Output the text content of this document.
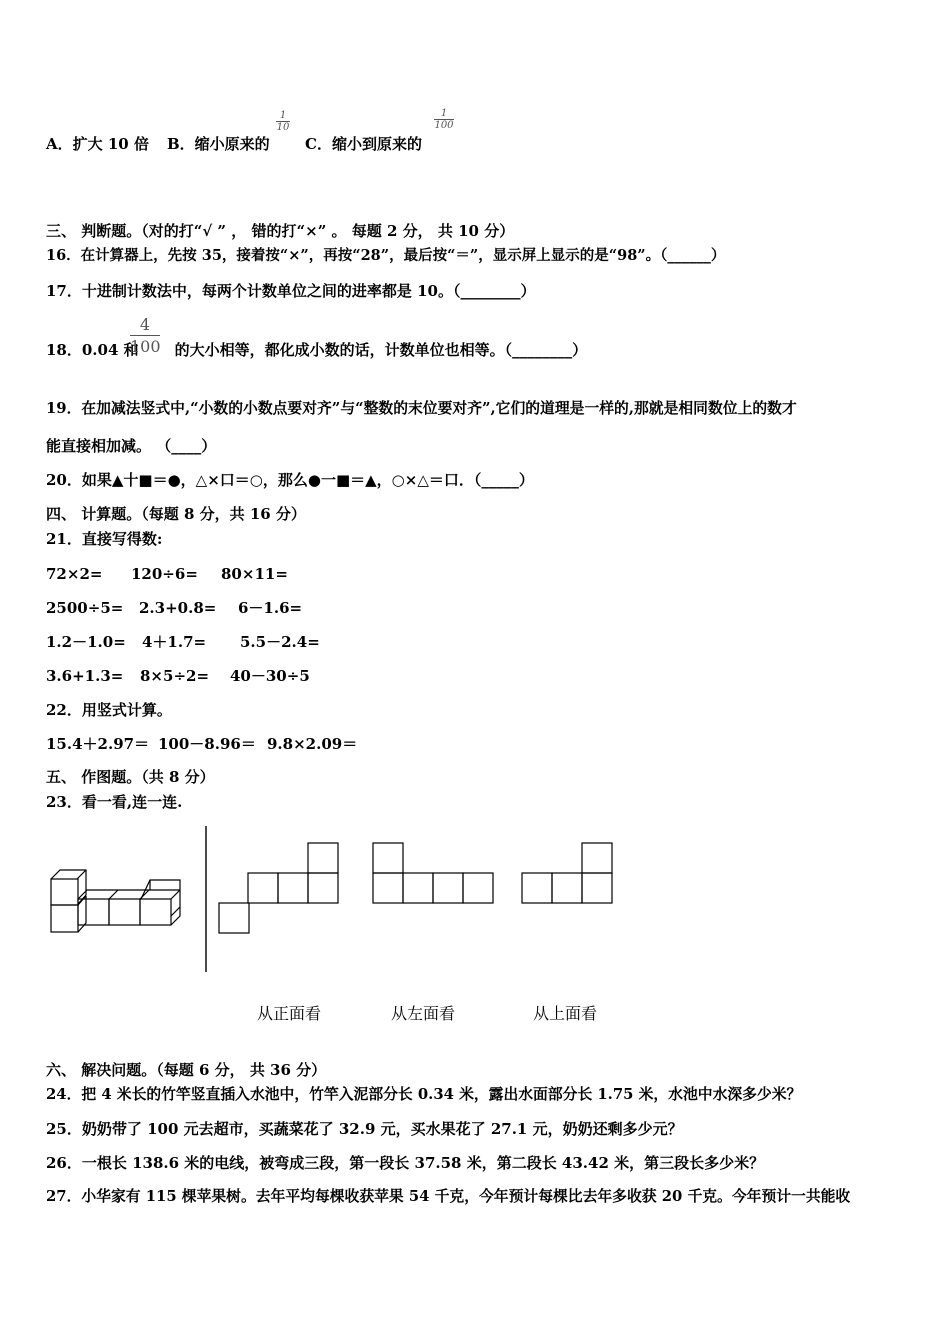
A．扩大 10 倍 B．缩小原来的
1
10
C．缩小到原来的
1
100
三、 判断题。（对的打“√ ” ， 错的打“×” 。 每题 2 分， 共 10 分）
16．在计算器上，先按 35，接着按“×”，再按“28”，最后按“＝”，显示屏上显示的是“98”。（______）
17．十进制计数法中，每两个计数单位之间的进率都是 10。（________）
18．0.04 和 的大小相等，都化成小数的话，计数单位也相等。（________）
4
100
19．在加减法竖式中,“小数的小数点要对齐”与“整数的末位要对齐”,它们的道理是一样的,那就是相同数位上的数才
能直接相加减。 （____）
20．如果▲十■＝●，△×口＝○，那么●一■＝▲，○×△＝口．（_____）
四、 计算题。（每题 8 分，共 16 分）
21．直接写得数:
72×2= 120÷6= 80×11=
2500÷5= 2.3+0.8= 6－1.6=
1.2－1.0= 4＋1.7= 5.5－2.4=
3.6+1.3= 8×5÷2= 40－30÷5
22．用竖式计算。
15.4＋2.97＝ 100－8.96＝ 9.8×2.09＝
五、 作图题。（共 8 分）
23．看一看,连一连.
从正面看	从左面看	从上面看
六、 解决问题。（每题 6 分， 共 36 分）
24．把 4 米长的竹竿竖直插入水池中，竹竿入泥部分长 0.34 米，露出水面部分长 1.75 米，水池中水深多少米？
25．奶奶带了 100 元去超市，买蔬菜花了 32.9 元，买水果花了 27.1 元，奶奶还剩多少元？
26．一根长 138.6 米的电线，被弯成三段，第一段长 37.58 米，第二段长 43.42 米，第三段长多少米？
27．小华家有 115 棵苹果树。去年平均每棵收获苹果 54 千克，今年预计每棵比去年多收获 20 千克。今年预计一共能收
